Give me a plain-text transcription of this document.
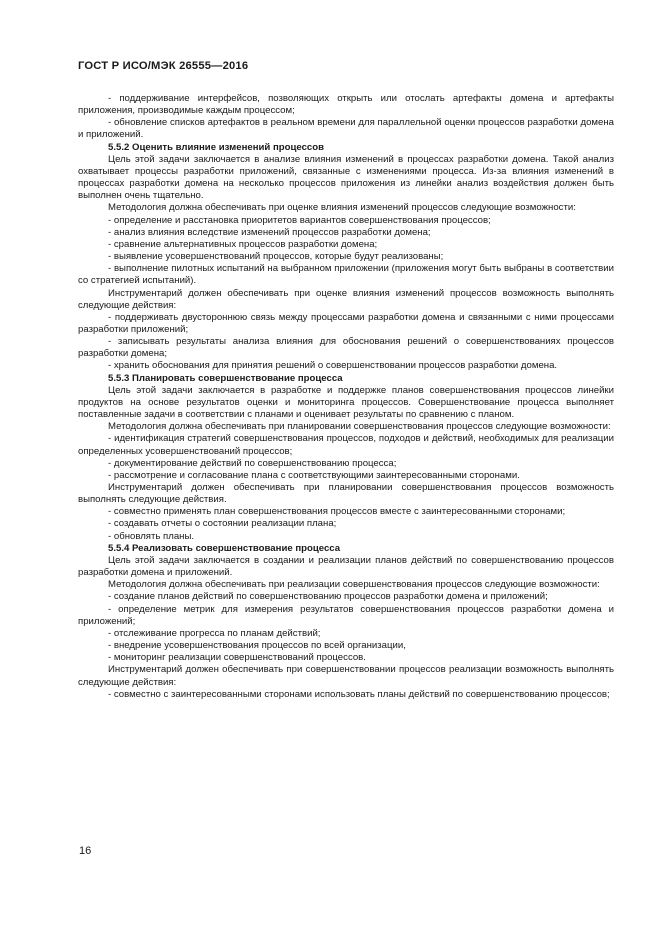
ГОСТ Р ИСО/МЭК 26555—2016

- поддерживание интерфейсов, позволяющих открыть или отослать артефакты домена и артефакты приложения, производимые каждым процессом;

- обновление списков артефактов в реальном времени для параллельной оценки процессов разработки домена и приложений.

5.5.2 Оценить влияние изменений процессов

Цель этой задачи заключается в анализе влияния изменений в процессах разработки домена. Такой анализ охватывает процессы разработки приложений, связанные с изменениями процесса. Из-за влияния изменений в процессах разработки домена на несколько процессов приложения из линейки анализ воздействия должен быть выполнен очень тщательно.

Методология должна обеспечивать при оценке влияния изменений процессов следующие возможности:

- определение и расстановка приоритетов вариантов совершенствования процессов;

- анализ влияния вследствие изменений процессов разработки домена;

- сравнение альтернативных процессов разработки домена;

- выявление усовершенствований процессов, которые будут реализованы;

- выполнение пилотных испытаний на выбранном приложении (приложения могут быть выбраны в соответствии со стратегией испытаний).

Инструментарий должен обеспечивать при оценке влияния изменений процессов возможность выполнять следующие действия:

- поддерживать двустороннюю связь между процессами разработки домена и связанными с ними процессами разработки приложений;

- записывать результаты анализа влияния для обоснования решений о совершенствованиях процессов разработки домена;

- хранить обоснования для принятия решений о совершенствовании процессов разработки домена.

5.5.3 Планировать совершенствование процесса

Цель этой задачи заключается в разработке и поддержке планов совершенствования процессов линейки продуктов на основе результатов оценки и мониторинга процессов. Совершенствование процесса выполняет поставленные задачи в соответствии с планами и оценивает результаты по сравнению с планом.

Методология должна обеспечивать при планировании совершенствования процессов следующие возможности:

- идентификация стратегий совершенствования процессов, подходов и действий, необходимых для реализации определенных усовершенствований процессов;

- документирование действий по совершенствованию процесса;

- рассмотрение и согласование плана с соответствующими заинтересованными сторонами.

Инструментарий должен обеспечивать при планировании совершенствования процессов возможность выполнять следующие действия.

- совместно применять план совершенствования процессов вместе с заинтересованными сторонами;

- создавать отчеты о состоянии реализации плана;

- обновлять планы.

5.5.4 Реализовать совершенствование процесса

Цель этой задачи заключается в создании и реализации планов действий по совершенствованию процессов разработки домена и приложений.

Методология должна обеспечивать при реализации совершенствования процессов следующие возможности:

- создание планов действий по совершенствованию процессов разработки домена и приложений;

- определение метрик для измерения результатов совершенствования процессов разработки домена и приложений;

- отслеживание прогресса по планам действий;

- внедрение усовершенствования процессов по всей организации,

- мониторинг реализации совершенствований процессов.

Инструментарий должен обеспечивать при совершенствовании процессов реализации возможность выполнять следующие действия:

- совместно с заинтересованными сторонами использовать планы действий по совершенствованию процессов;

16
